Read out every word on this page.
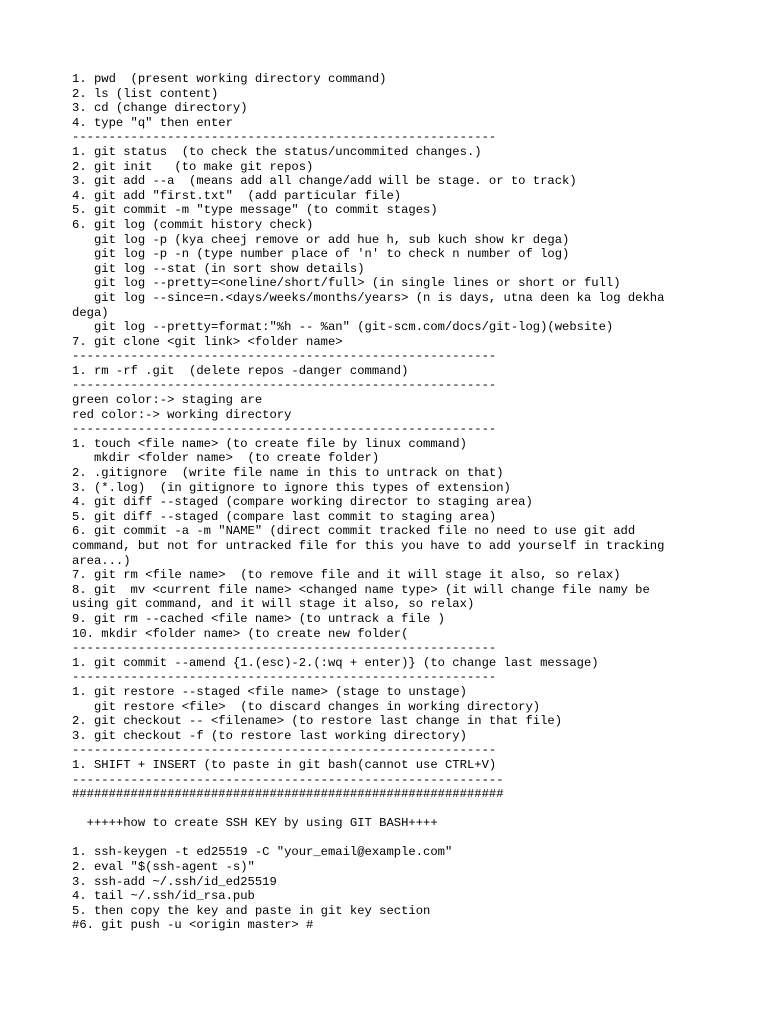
1. pwd  (present working directory command)
2. ls (list content)
3. cd (change directory)
4. type "q" then enter
----------------------------------------------------------
1. git status  (to check the status/uncommited changes.)
2. git init   (to make git repos)
3. git add --a  (means add all change/add will be stage. or to track)
4. git add "first.txt"  (add particular file)
5. git commit -m "type message" (to commit stages)
6. git log (commit history check)
git log -p (kya cheej remove or add hue h, sub kuch show kr dega)
git log -p -n (type number place of 'n' to check n number of log)
git log --stat (in sort show details)
git log --pretty=<oneline/short/full> (in single lines or short or full)
git log --since=n.<days/weeks/months/years> (n is days, utna deen ka log dekha
dega)
git log --pretty=format:"%h -- %an" (git-scm.com/docs/git-log)(website)
7. git clone <git link> <folder name>
----------------------------------------------------------
1. rm -rf .git  (delete repos -danger command)
----------------------------------------------------------
green color:-> staging are
red color:-> working directory
----------------------------------------------------------
1. touch <file name> (to create file by linux command)
mkdir <folder name>  (to create folder)
2. .gitignore  (write file name in this to untrack on that)
3. (*.log)  (in gitignore to ignore this types of extension)
4. git diff --staged (compare working director to staging area)
5. git diff --staged (compare last commit to staging area)
6. git commit -a -m "NAME" (direct commit tracked file no need to use git add
command, but not for untracked file for this you have to add yourself in tracking
area...)
7. git rm <file name>  (to remove file and it will stage it also, so relax)
8. git  mv <current file name> <changed name type> (it will change file namy be
using git command, and it will stage it also, so relax)
9. git rm --cached <file name> (to untrack a file )
10. mkdir <folder name> (to create new folder(
----------------------------------------------------------
1. git commit --amend {1.(esc)-2.(:wq + enter)} (to change last message)
----------------------------------------------------------
1. git restore --staged <file name> (stage to unstage)
git restore <file>  (to discard changes in working directory)
2. git checkout -- <filename> (to restore last change in that file)
3. git checkout -f (to restore last working directory)
----------------------------------------------------------
1. SHIFT + INSERT (to paste in git bash(cannot use CTRL+V)
-----------------------------------------------------------
###########################################################
+++++how to create SSH KEY by using GIT BASH++++
1. ssh-keygen -t ed25519 -C "your_email@example.com"
2. eval "$(ssh-agent -s)"
3. ssh-add ~/.ssh/id_ed25519
4. tail ~/.ssh/id_rsa.pub
5. then copy the key and paste in git key section
#6. git push -u <origin master> #
